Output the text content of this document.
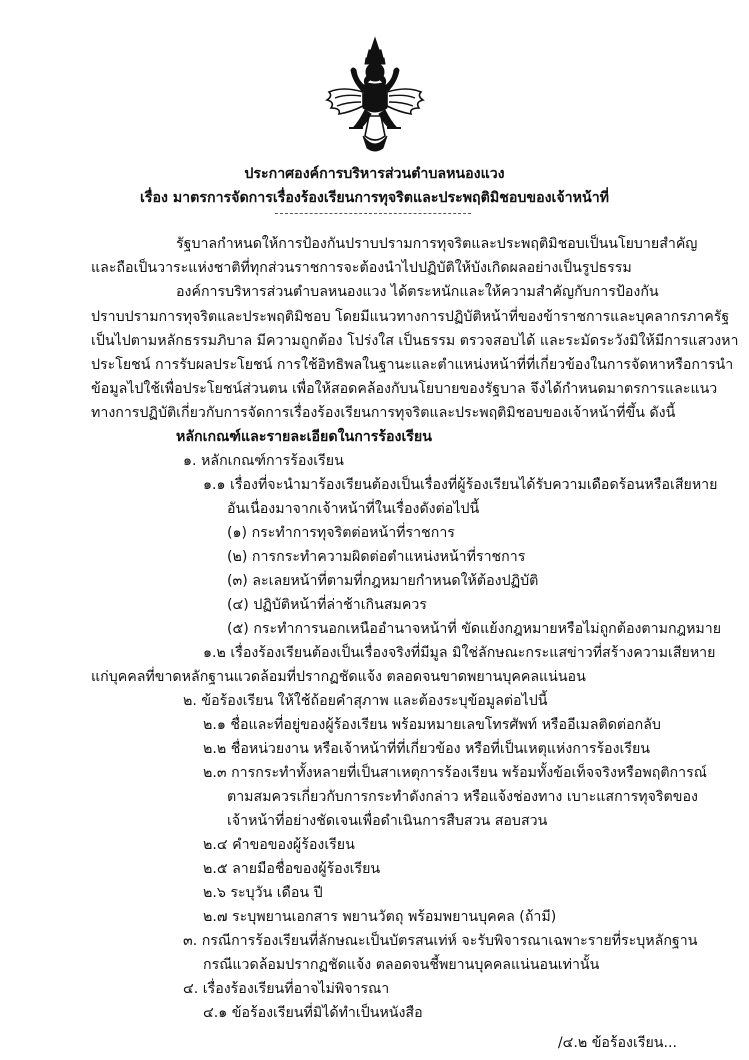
ประกาศองค์การบริหารส่วนตำบลหนองแวง
เรื่อง มาตรการจัดการเรื่องร้องเรียนการทุจริตและประพฤติมิชอบของเจ้าหน้าที่
รัฐบาลกำหนดให้การป้องกันปราบปรามการทุจริตและประพฤติมิชอบเป็นนโยบายสำคัญ
และถือเป็นวาระแห่งชาติที่ทุกส่วนราชการจะต้องนำไปปฏิบัติให้บังเกิดผลอย่างเป็นรูปธรรม
องค์การบริหารส่วนตำบลหนองแวง ได้ตระหนักและให้ความสำคัญกับการป้องกัน
ปราบปรามการทุจริตและประพฤติมิชอบ โดยมีแนวทางการปฏิบัติหน้าที่ของข้าราชการและบุคลากรภาครัฐ
เป็นไปตามหลักธรรมภิบาล มีความถูกต้อง โปร่งใส เป็นธรรม ตรวจสอบได้ และระมัดระวังมิให้มีการแสวงหา
ประโยชน์ การรับผลประโยชน์ การใช้อิทธิพลในฐานะและตำแหน่งหน้าที่ที่เกี่ยวข้องในการจัดหาหรือการนำ
ข้อมูลไปใช้เพื่อประโยชน์ส่วนตน เพื่อให้สอดคล้องกับนโยบายของรัฐบาล จึงได้กำหนดมาตรการและแนว
ทางการปฏิบัติเกี่ยวกับการจัดการเรื่องร้องเรียนการทุจริตและประพฤติมิชอบของเจ้าหน้าที่ขึ้น ดังนี้
หลักเกณฑ์และรายละเอียดในการร้องเรียน
๑. หลักเกณฑ์การร้องเรียน
๑.๑ เรื่องที่จะนำมาร้องเรียนต้องเป็นเรื่องที่ผู้ร้องเรียนได้รับความเดือดร้อนหรือเสียหาย
อันเนื่องมาจากเจ้าหน้าที่ในเรื่องดังต่อไปนี้
(๑) กระทำการทุจริตต่อหน้าที่ราชการ
(๒) การกระทำความผิดต่อตำแหน่งหน้าที่ราชการ
(๓) ละเลยหน้าที่ตามที่กฎหมายกำหนดให้ต้องปฏิบัติ
(๔) ปฏิบัติหน้าที่ล่าช้าเกินสมควร
(๕) กระทำการนอกเหนืออำนาจหน้าที่ ขัดแย้งกฎหมายหรือไม่ถูกต้องตามกฎหมาย
๑.๒ เรื่องร้องเรียนต้องเป็นเรื่องจริงที่มีมูล มิใช่ลักษณะกระแสข่าวที่สร้างความเสียหาย
แก่บุคคลที่ขาดหลักฐานแวดล้อมที่ปรากฏชัดแจ้ง ตลอดจนขาดพยานบุคคลแน่นอน
๒. ข้อร้องเรียน ให้ใช้ถ้อยคำสุภาพ และต้องระบุข้อมูลต่อไปนี้
๒.๑ ชื่อและที่อยู่ของผู้ร้องเรียน พร้อมหมายเลขโทรศัพท์ หรืออีเมลติดต่อกลับ
๒.๒ ชื่อหน่วยงาน หรือเจ้าหน้าที่ที่เกี่ยวข้อง หรือที่เป็นเหตุแห่งการร้องเรียน
๒.๓ การกระทำทั้งหลายที่เป็นสาเหตุการร้องเรียน พร้อมทั้งข้อเท็จจริงหรือพฤติการณ์
ตามสมควรเกี่ยวกับการกระทำดังกล่าว หรือแจ้งช่องทาง เบาะแสการทุจริตของ
เจ้าหน้าที่อย่างชัดเจนเพื่อดำเนินการสืบสวน สอบสวน
๒.๔ คำขอของผู้ร้องเรียน
๒.๕ ลายมือชื่อของผู้ร้องเรียน
๒.๖ ระบุวัน เดือน ปี
๒.๗ ระบุพยานเอกสาร พยานวัตถุ พร้อมพยานบุคคล (ถ้ามี)
๓. กรณีการร้องเรียนที่ลักษณะเป็นบัตรสนเท่ห์ จะรับพิจารณาเฉพาะรายที่ระบุหลักฐาน
กรณีแวดล้อมปรากฏชัดแจ้ง ตลอดจนชี้พยานบุคคลแน่นอนเท่านั้น
๔. เรื่องร้องเรียนที่อาจไม่พิจารณา
๔.๑ ข้อร้องเรียนที่มิได้ทำเป็นหนังสือ
/๔.๒ ข้อร้องเรียน...
